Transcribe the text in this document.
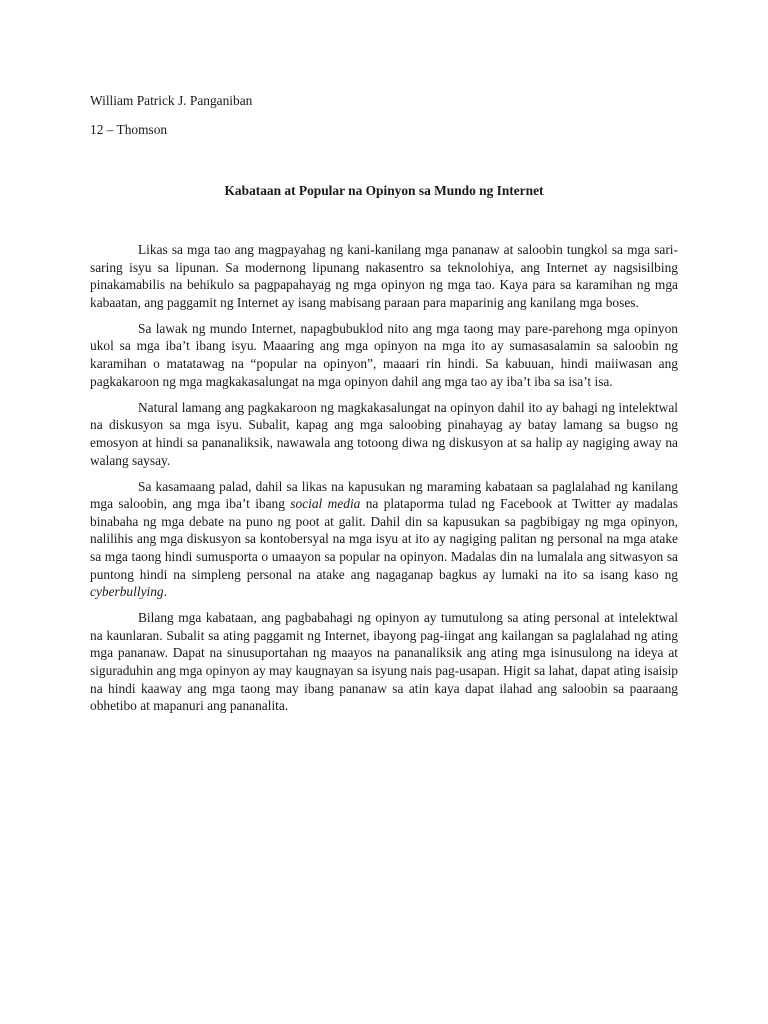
William Patrick J. Panganiban

12 – Thomson

Kabataan at Popular na Opinyon sa Mundo ng Internet

Likas sa mga tao ang magpayahag ng kani-kanilang mga pananaw at saloobin tungkol sa mga sari-saring isyu sa lipunan. Sa modernong lipunang nakasentro sa teknolohiya, ang Internet ay nagsisilbing pinakamabilis na behikulo sa pagpapahayag ng mga opinyon ng mga tao. Kaya para sa karamihan ng mga kabaatan, ang paggamit ng Internet ay isang mabisang paraan para maparinig ang kanilang mga boses.

Sa lawak ng mundo Internet, napagbubuklod nito ang mga taong may pare-parehong mga opinyon ukol sa mga iba’t ibang isyu. Maaaring ang mga opinyon na mga ito ay sumasasalamin sa saloobin ng karamihan o matatawag na “popular na opinyon”, maaari rin hindi. Sa kabuuan, hindi maiiwasan ang pagkakaroon ng mga magkakasalungat na mga opinyon dahil ang mga tao ay iba’t iba sa isa’t isa.

Natural lamang ang pagkakaroon ng magkakasalungat na opinyon dahil ito ay bahagi ng intelektwal na diskusyon sa mga isyu. Subalit, kapag ang mga saloobing pinahayag ay batay lamang sa bugso ng emosyon at hindi sa pananaliksik, nawawala ang totoong diwa ng diskusyon at sa halip ay nagiging away na walang saysay.

Sa kasamaang palad, dahil sa likas na kapusukan ng maraming kabataan sa paglalahad ng kanilang mga saloobin, ang mga iba’t ibang social media na plataporma tulad ng Facebook at Twitter ay madalas binabaha ng mga debate na puno ng poot at galit. Dahil din sa kapusukan sa pagbibigay ng mga opinyon, nalilihis ang mga diskusyon sa kontobersyal na mga isyu at ito ay nagiging palitan ng personal na mga atake sa mga taong hindi sumusporta o umaayon sa popular na opinyon. Madalas din na lumalala ang sitwasyon sa puntong hindi na simpleng personal na atake ang nagaganap bagkus ay lumaki na ito sa isang kaso ng cyberbullying.

Bilang mga kabataan, ang pagbabahagi ng opinyon ay tumutulong sa ating personal at intelektwal na kaunlaran. Subalit sa ating paggamit ng Internet, ibayong pag-iingat ang kailangan sa paglalahad ng ating mga pananaw. Dapat na sinusuportahan ng maayos na pananaliksik ang ating mga isinusulong na ideya at siguraduhin ang mga opinyon ay may kaugnayan sa isyung nais pag-usapan. Higit sa lahat, dapat ating isaisip na hindi kaaway ang mga taong may ibang pananaw sa atin kaya dapat ilahad ang saloobin sa paaraang obhetibo at mapanuri ang pananalita.
